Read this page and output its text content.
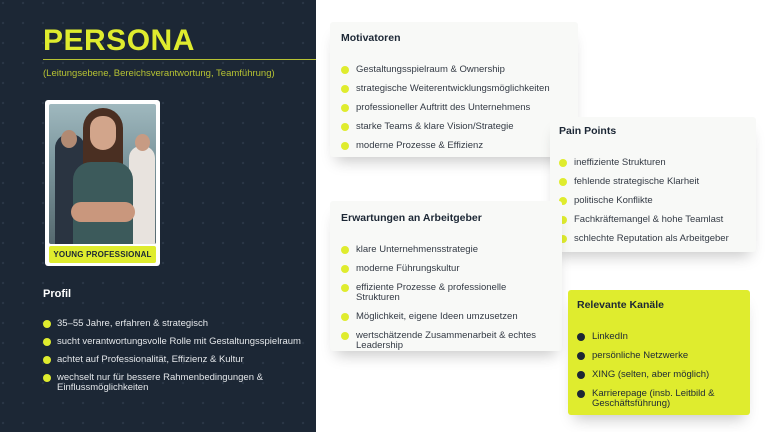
PERSONA
(Leitungsebene, Bereichsverantwortung, Teamführung)
YOUNG PROFESSIONAL
Profil
35–55 Jahre, erfahren & strategisch
sucht verantwortungsvolle Rolle mit Gestaltungsspielraum
achtet auf Professionalität, Effizienz & Kultur
wechselt nur für bessere Rahmenbedingungen & Einflussmöglichkeiten
Motivatoren
Gestaltungsspielraum & Ownership
strategische Weiterentwicklungsmöglichkeiten
professioneller Auftritt des Unternehmens
starke Teams & klare Vision/Strategie
moderne Prozesse & Effizienz
Pain Points
ineffiziente Strukturen
fehlende strategische Klarheit
politische Konflikte
Fachkräftemangel & hohe Teamlast
schlechte Reputation als Arbeitgeber
Erwartungen an Arbeitgeber
klare Unternehmensstrategie
moderne Führungskultur
effiziente Prozesse & professionelle Strukturen
Möglichkeit, eigene Ideen umzusetzen
wertschätzende Zusammenarbeit & echtes Leadership
Relevante Kanäle
LinkedIn
persönliche Netzwerke
XING (selten, aber möglich)
Karrierepage (insb. Leitbild & Geschäftsführung)
